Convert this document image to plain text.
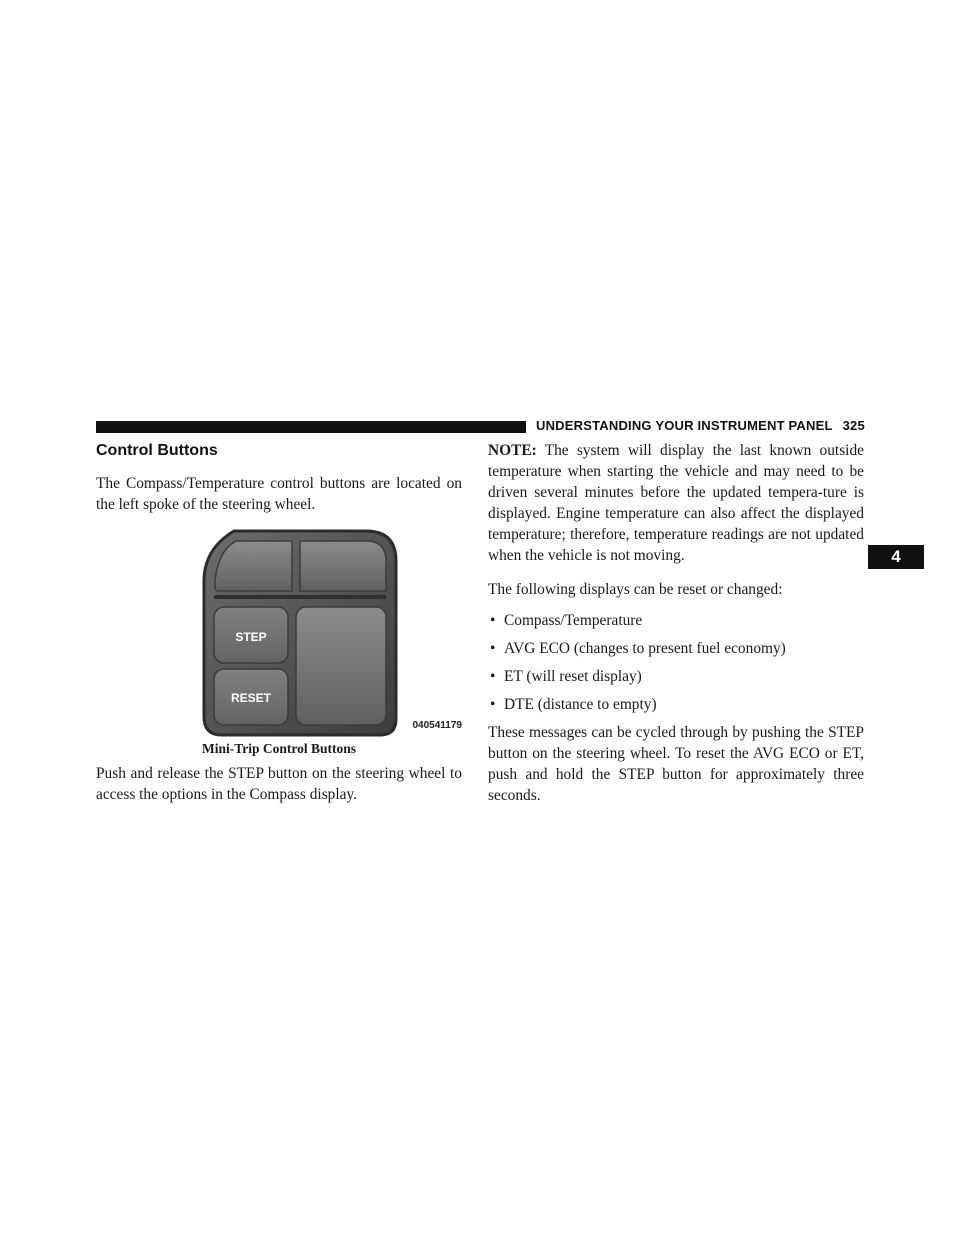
UNDERSTANDING YOUR INSTRUMENT PANEL 325
4
Control Buttons

The Compass/Temperature control buttons are located on the left spoke of the steering wheel.

STEP
RESET
040541179
Mini-Trip Control Buttons

Push and release the STEP button on the steering wheel to access the options in the Compass display.

NOTE: The system will display the last known outside temperature when starting the vehicle and may need to be driven several minutes before the updated tempera-ture is displayed. Engine temperature can also affect the displayed temperature; therefore, temperature readings are not updated when the vehicle is not moving.

The following displays can be reset or changed:

• Compass/Temperature
• AVG ECO (changes to present fuel economy)
• ET (will reset display)
• DTE (distance to empty)

These messages can be cycled through by pushing the STEP button on the steering wheel. To reset the AVG ECO or ET, push and hold the STEP button for approximately three seconds.
